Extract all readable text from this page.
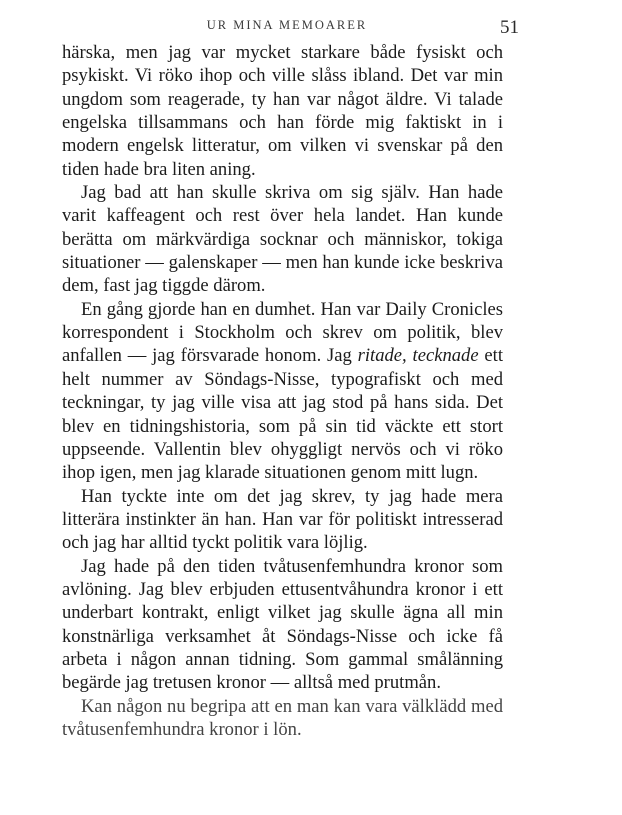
UR MINA MEMOARER	51

härska, men jag var mycket starkare både fysiskt och psykiskt. Vi röko ihop och ville slåss ibland. Det var min ungdom som reagerade, ty han var något äldre. Vi talade engelska tillsammans och han förde mig faktiskt in i modern engelsk litteratur, om vilken vi svenskar på den tiden hade bra liten aning.

Jag bad att han skulle skriva om sig själv. Han hade varit kaffeagent och rest över hela landet. Han kunde berätta om märkvärdiga socknar och människor, tokiga situationer — galenskaper — men han kunde icke beskriva dem, fast jag tiggde därom.

En gång gjorde han en dumhet. Han var Daily Cronicles korrespondent i Stockholm och skrev om politik, blev anfallen — jag försvarade honom. Jag ritade, tecknade ett helt nummer av Söndags-Nisse, typografiskt och med teckningar, ty jag ville visa att jag stod på hans sida. Det blev en tidningshistoria, som på sin tid väckte ett stort uppseende. Vallentin blev ohyggligt nervös och vi röko ihop igen, men jag klarade situationen genom mitt lugn.

Han tyckte inte om det jag skrev, ty jag hade mera litterära instinkter än han. Han var för politiskt intresserad och jag har alltid tyckt politik vara löjlig.

Jag hade på den tiden tvåtusenfemhundra kronor som avlöning. Jag blev erbjuden ettusentvåhundra kronor i ett underbart kontrakt, enligt vilket jag skulle ägna all min konstnärliga verksamhet åt Söndags-Nisse och icke få arbeta i någon annan tidning. Som gammal smålänning begärde jag tretusen kronor — alltså med prutmån.

Kan någon nu begripa att en man kan vara välklädd med tvåtusenfemhundra kronor i lön.
